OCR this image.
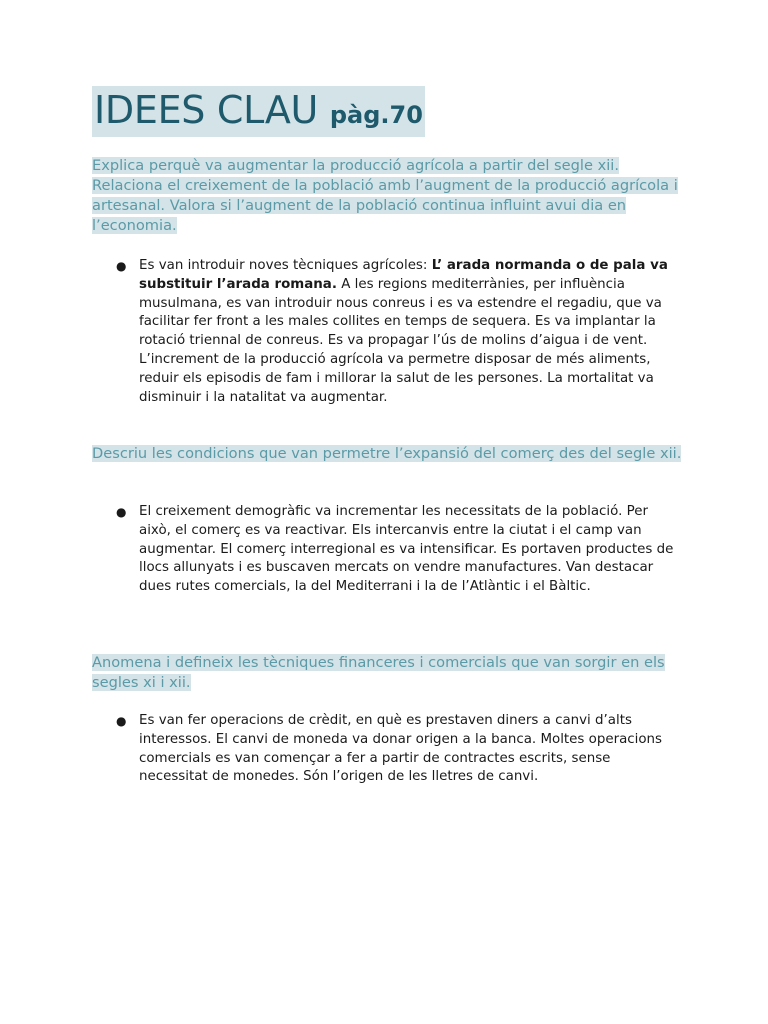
IDEES CLAU pàg.70

Explica perquè va augmentar la producció agrícola a partir del segle xii. Relaciona el creixement de la població amb l’augment de la producció agrícola i artesanal. Valora si l’augment de la població continua influint avui dia en l’economia.

● Es van introduir noves tècniques agrícoles: L’ arada normanda o de pala va substituir l’arada romana. A les regions mediterrànies, per influència musulmana, es van introduir nous conreus i es va estendre el regadiu, que va facilitar fer front a les males collites en temps de sequera. Es va implantar la rotació triennal de conreus. Es va propagar l’ús de molins d’aigua i de vent. L’increment de la producció agrícola va permetre disposar de més aliments, reduir els episodis de fam i millorar la salut de les persones. La mortalitat va disminuir i la natalitat va augmentar.

Descriu les condicions que van permetre l’expansió del comerç des del segle xii.

● El creixement demogràfic va incrementar les necessitats de la població. Per això, el comerç es va reactivar. Els intercanvis entre la ciutat i el camp van augmentar. El comerç interregional es va intensificar. Es portaven productes de llocs allunyats i es buscaven mercats on vendre manufactures. Van destacar dues rutes comercials, la del Mediterrani i la de l’Atlàntic i el Bàltic.

Anomena i defineix les tècniques financeres i comercials que van sorgir en els segles xi i xii.

● Es van fer operacions de crèdit, en què es prestaven diners a canvi d’alts interessos. El canvi de moneda va donar origen a la banca. Moltes operacions comercials es van començar a fer a partir de contractes escrits, sense necessitat de monedes. Són l’origen de les lletres de canvi.
